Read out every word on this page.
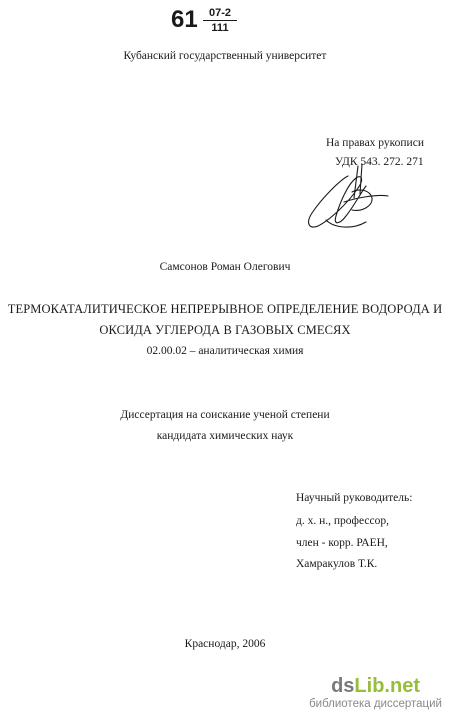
61	07-2
111
Кубанский государственный университет
На правах рукописи
УДК 543. 272. 271
Самсонов Роман Олегович
ТЕРМОКАТАЛИТИЧЕСКОЕ НЕПРЕРЫВНОЕ ОПРЕДЕЛЕНИЕ ВОДОРОДА И
ОКСИДА УГЛЕРОДА В ГАЗОВЫХ СМЕСЯХ
02.00.02 – аналитическая химия
Диссертация на соискание ученой степени
кандидата химических наук
Научный руководитель:
д. х. н., профессор,
член - корр. РАЕН,
Хамракулов Т.К.
Краснодар, 2006
dsLib.net
библиотека диссертаций
